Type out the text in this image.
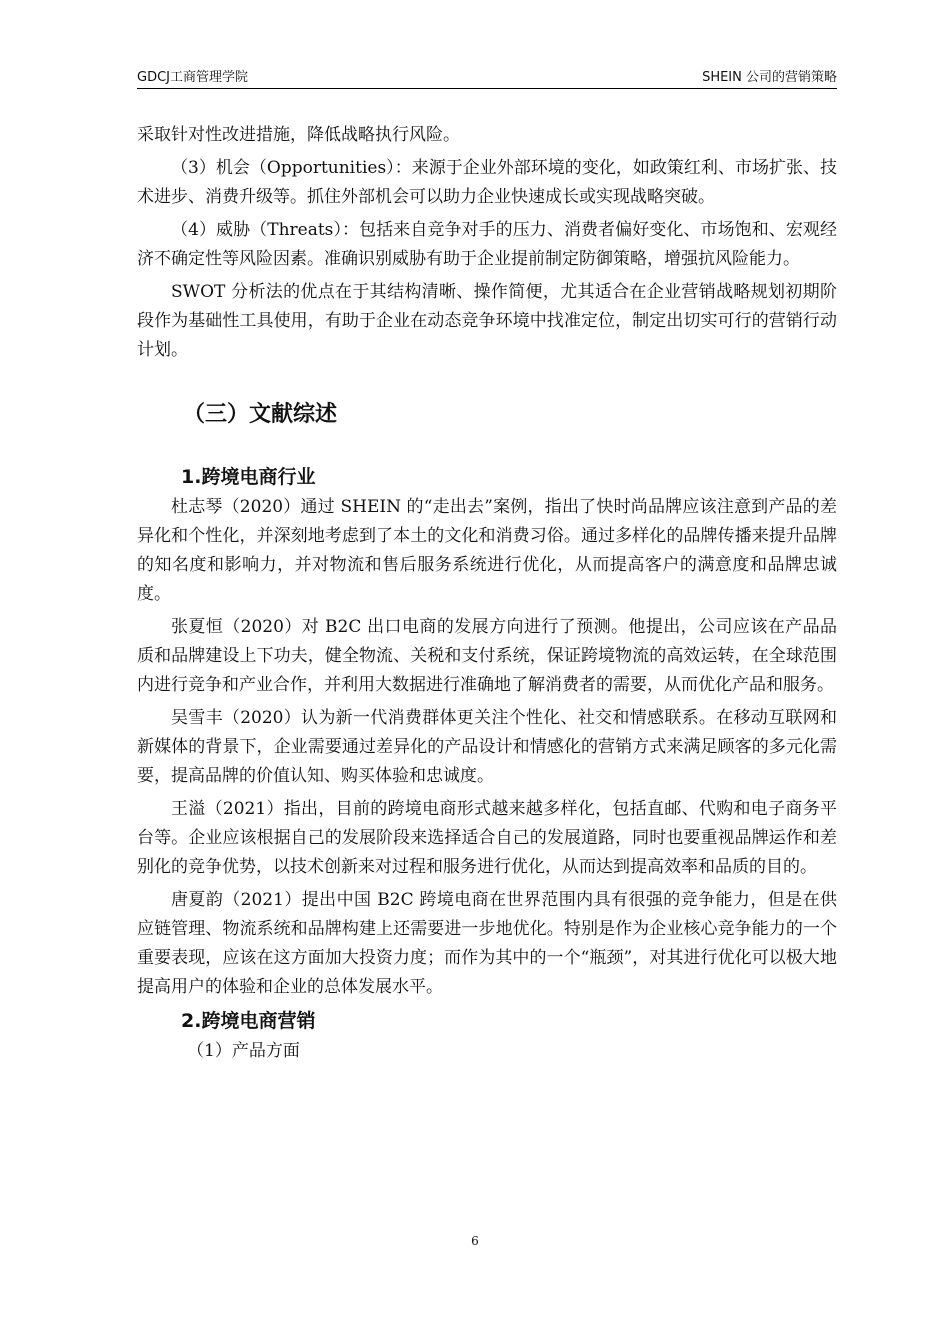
GDCJ工商管理学院	SHEIN 公司的营销策略

采取针对性改进措施，降低战略执行风险。

（3）机会（Opportunities）：来源于企业外部环境的变化，如政策红利、市场扩张、技术进步、消费升级等。抓住外部机会可以助力企业快速成长或实现战略突破。

（4）威胁（Threats）：包括来自竞争对手的压力、消费者偏好变化、市场饱和、宏观经济不确定性等风险因素。准确识别威胁有助于企业提前制定防御策略，增强抗风险能力。

SWOT 分析法的优点在于其结构清晰、操作简便，尤其适合在企业营销战略规划初期阶段作为基础性工具使用，有助于企业在动态竞争环境中找准定位，制定出切实可行的营销行动计划。

（三）文献综述
1.跨境电商行业

杜志琴（2020）通过 SHEIN 的“走出去”案例，指出了快时尚品牌应该注意到产品的差异化和个性化，并深刻地考虑到了本土的文化和消费习俗。通过多样化的品牌传播来提升品牌的知名度和影响力，并对物流和售后服务系统进行优化，从而提高客户的满意度和品牌忠诚度。

张夏恒（2020）对 B2C 出口电商的发展方向进行了预测。他提出，公司应该在产品品质和品牌建设上下功夫，健全物流、关税和支付系统，保证跨境物流的高效运转，在全球范围内进行竞争和产业合作，并利用大数据进行准确地了解消费者的需要，从而优化产品和服务。

吴雪丰（2020）认为新一代消费群体更关注个性化、社交和情感联系。在移动互联网和新媒体的背景下，企业需要通过差异化的产品设计和情感化的营销方式来满足顾客的多元化需要，提高品牌的价值认知、购买体验和忠诚度。

王溢（2021）指出，目前的跨境电商形式越来越多样化，包括直邮、代购和电子商务平台等。企业应该根据自己的发展阶段来选择适合自己的发展道路，同时也要重视品牌运作和差别化的竞争优势，以技术创新来对过程和服务进行优化，从而达到提高效率和品质的目的。

唐夏韵（2021）提出中国 B2C 跨境电商在世界范围内具有很强的竞争能力，但是在供应链管理、物流系统和品牌构建上还需要进一步地优化。特别是作为企业核心竞争能力的一个重要表现，应该在这方面加大投资力度；而作为其中的一个“瓶颈”，对其进行优化可以极大地提高用户的体验和企业的总体发展水平。

2.跨境电商营销

（1）产品方面

6
